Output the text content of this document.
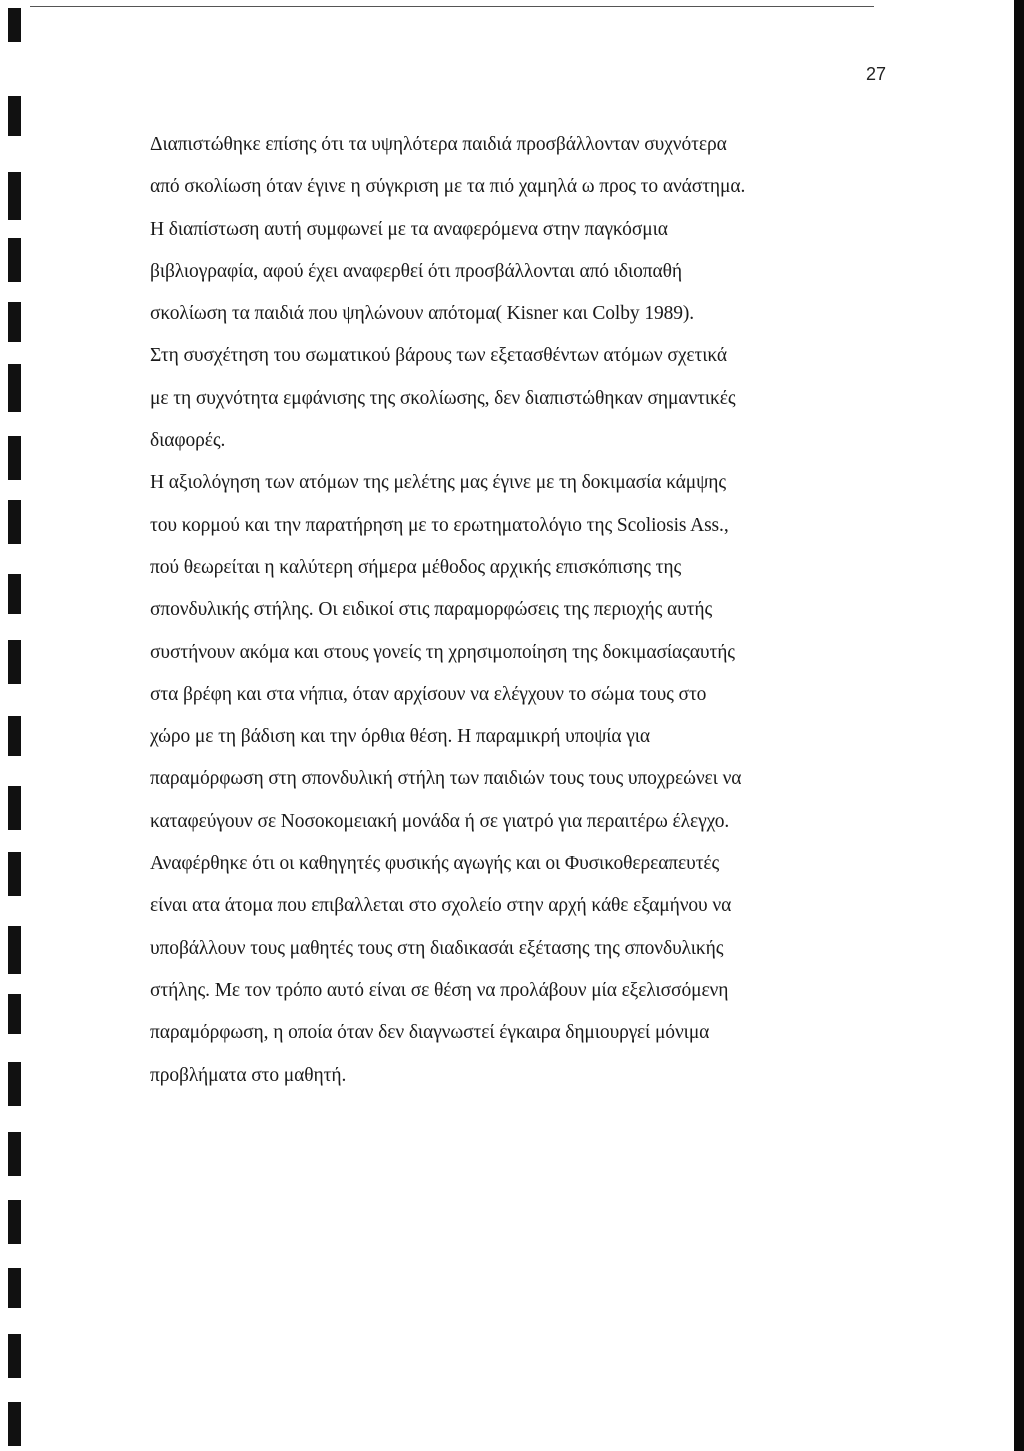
27
Διαπιστώθηκε επίσης ότι τα υψηλότερα παιδιά προσβάλλονταν συχνότερα
από σκολίωση όταν έγινε η σύγκριση με τα πιό χαμηλά ω προς το ανάστημα.
Η διαπίστωση αυτή συμφωνεί με τα αναφερόμενα στην παγκόσμια
βιβλιογραφία, αφού έχει αναφερθεί ότι προσβάλλονται από ιδιοπαθή
σκολίωση τα παιδιά που ψηλώνουν απότομα( Kisner και Colby 1989).
Στη συσχέτηση του σωματικού βάρους των εξετασθέντων ατόμων σχετικά
με τη συχνότητα εμφάνισης της σκολίωσης, δεν διαπιστώθηκαν σημαντικές
διαφορές.
Η αξιολόγηση των ατόμων της μελέτης μας έγινε με τη δοκιμασία κάμψης
του κορμού και την παρατήρηση με το ερωτηματολόγιο της Scoliosis Ass.,
πού θεωρείται η καλύτερη σήμερα μέθοδος αρχικής επισκόπισης της
σπονδυλικής στήλης. Οι ειδικοί στις παραμορφώσεις της περιοχής αυτής
συστήνουν ακόμα και στους γονείς τη χρησιμοποίηση της δοκιμασίαςαυτής
στα βρέφη και στα νήπια, όταν αρχίσουν να ελέγχουν το σώμα τους στο
χώρο με τη βάδιση και την όρθια θέση. Η παραμικρή υποψία για
παραμόρφωση στη σπονδυλική στήλη των παιδιών τους τους υποχρεώνει να
καταφεύγουν σε Νοσοκομειακή μονάδα ή σε γιατρό για περαιτέρω έλεγχο.
Αναφέρθηκε ότι οι καθηγητές φυσικής αγωγής και οι Φυσικοθερεαπευτές
είναι ατα άτομα που επιβαλλεται στο σχολείο στην αρχή κάθε εξαμήνου να
υποβάλλουν τους μαθητές τους στη διαδικασάι εξέτασης της σπονδυλικής
στήλης. Με τον τρόπο αυτό είναι σε θέση να προλάβουν μία εξελισσόμενη
παραμόρφωση, η οποία όταν δεν διαγνωστεί έγκαιρα δημιουργεί μόνιμα
προβλήματα στο μαθητή.
